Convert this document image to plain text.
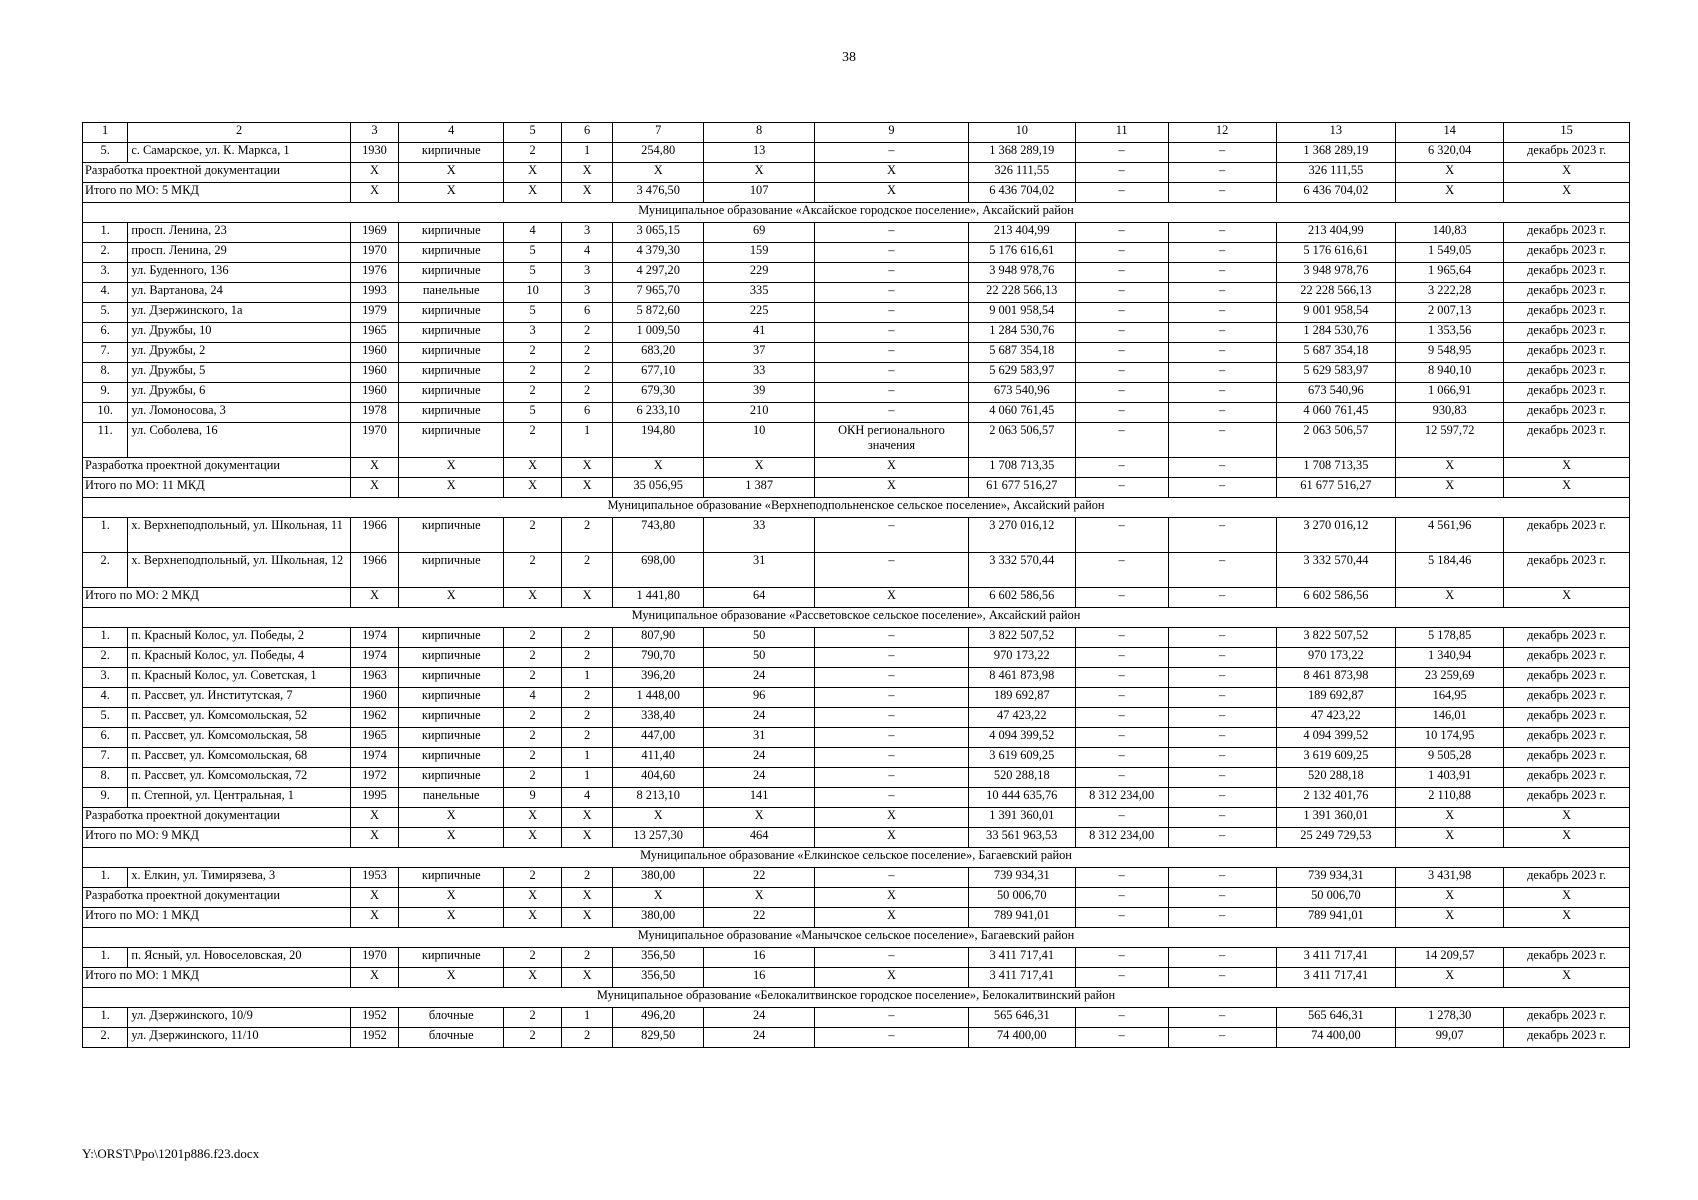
38
1	2	3	4	5	6	7	8	9	10	11	12	13	14	15
5.	с. Самарское, ул. К. Маркса, 1	1930	кирпичные	2	1	254,80	13	–	1 368 289,19	–	–	1 368 289,19	6 320,04	декабрь 2023 г.
Разработка проектной документации		X	X	X	X	X	X	X	326 111,55	–	–	326 111,55	X	X
Итого по МО: 5 МКД		X	X	X	X	3 476,50	107	X	6 436 704,02	–	–	6 436 704,02	X	X
Муниципальное образование «Аксайское городское поселение», Аксайский район														
1.	просп. Ленина, 23	1969	кирпичные	4	3	3 065,15	69	–	213 404,99	–	–	213 404,99	140,83	декабрь 2023 г.
2.	просп. Ленина, 29	1970	кирпичные	5	4	4 379,30	159	–	5 176 616,61	–	–	5 176 616,61	1 549,05	декабрь 2023 г.
3.	ул. Буденного, 136	1976	кирпичные	5	3	4 297,20	229	–	3 948 978,76	–	–	3 948 978,76	1 965,64	декабрь 2023 г.
4.	ул. Вартанова, 24	1993	панельные	10	3	7 965,70	335	–	22 228 566,13	–	–	22 228 566,13	3 222,28	декабрь 2023 г.
5.	ул. Дзержинского, 1а	1979	кирпичные	5	6	5 872,60	225	–	9 001 958,54	–	–	9 001 958,54	2 007,13	декабрь 2023 г.
6.	ул. Дружбы, 10	1965	кирпичные	3	2	1 009,50	41	–	1 284 530,76	–	–	1 284 530,76	1 353,56	декабрь 2023 г.
7.	ул. Дружбы, 2	1960	кирпичные	2	2	683,20	37	–	5 687 354,18	–	–	5 687 354,18	9 548,95	декабрь 2023 г.
8.	ул. Дружбы, 5	1960	кирпичные	2	2	677,10	33	–	5 629 583,97	–	–	5 629 583,97	8 940,10	декабрь 2023 г.
9.	ул. Дружбы, 6	1960	кирпичные	2	2	679,30	39	–	673 540,96	–	–	673 540,96	1 066,91	декабрь 2023 г.
10.	ул. Ломоносова, 3	1978	кирпичные	5	6	6 233,10	210	–	4 060 761,45	–	–	4 060 761,45	930,83	декабрь 2023 г.
11.	ул. Соболева, 16	1970	кирпичные	2	1	194,80	10	ОКН регионального значения	2 063 506,57	–	–	2 063 506,57	12 597,72	декабрь 2023 г.
Разработка проектной документации		X	X	X	X	X	X	X	1 708 713,35	–	–	1 708 713,35	X	X
Итого по МО: 11 МКД		X	X	X	X	35 056,95	1 387	X	61 677 516,27	–	–	61 677 516,27	X	X
Муниципальное образование «Верхнеподпольненское сельское поселение», Аксайский район														
1.	х. Верхнеподпольный, ул. Школьная, 11	1966	кирпичные	2	2	743,80	33	–	3 270 016,12	–	–	3 270 016,12	4 561,96	декабрь 2023 г.
2.	х. Верхнеподпольный, ул. Школьная, 12	1966	кирпичные	2	2	698,00	31	–	3 332 570,44	–	–	3 332 570,44	5 184,46	декабрь 2023 г.
Итого по МО: 2 МКД		X	X	X	X	1 441,80	64	X	6 602 586,56	–	–	6 602 586,56	X	X
Муниципальное образование «Рассветовское сельское поселение», Аксайский район														
1.	п. Красный Колос, ул. Победы, 2	1974	кирпичные	2	2	807,90	50	–	3 822 507,52	–	–	3 822 507,52	5 178,85	декабрь 2023 г.
2.	п. Красный Колос, ул. Победы, 4	1974	кирпичные	2	2	790,70	50	–	970 173,22	–	–	970 173,22	1 340,94	декабрь 2023 г.
3.	п. Красный Колос, ул. Советская, 1	1963	кирпичные	2	1	396,20	24	–	8 461 873,98	–	–	8 461 873,98	23 259,69	декабрь 2023 г.
4.	п. Рассвет, ул. Институтская, 7	1960	кирпичные	4	2	1 448,00	96	–	189 692,87	–	–	189 692,87	164,95	декабрь 2023 г.
5.	п. Рассвет, ул. Комсомольская, 52	1962	кирпичные	2	2	338,40	24	–	47 423,22	–	–	47 423,22	146,01	декабрь 2023 г.
6.	п. Рассвет, ул. Комсомольская, 58	1965	кирпичные	2	2	447,00	31	–	4 094 399,52	–	–	4 094 399,52	10 174,95	декабрь 2023 г.
7.	п. Рассвет, ул. Комсомольская, 68	1974	кирпичные	2	1	411,40	24	–	3 619 609,25	–	–	3 619 609,25	9 505,28	декабрь 2023 г.
8.	п. Рассвет, ул. Комсомольская, 72	1972	кирпичные	2	1	404,60	24	–	520 288,18	–	–	520 288,18	1 403,91	декабрь 2023 г.
9.	п. Степной, ул. Центральная, 1	1995	панельные	9	4	8 213,10	141	–	10 444 635,76	8 312 234,00	–	2 132 401,76	2 110,88	декабрь 2023 г.
Разработка проектной документации		X	X	X	X	X	X	X	1 391 360,01	–	–	1 391 360,01	X	X
Итого по МО: 9 МКД		X	X	X	X	13 257,30	464	X	33 561 963,53	8 312 234,00	–	25 249 729,53	X	X
Муниципальное образование «Елкинское сельское поселение», Багаевский район														
1.	х. Елкин, ул. Тимирязева, 3	1953	кирпичные	2	2	380,00	22	–	739 934,31	–	–	739 934,31	3 431,98	декабрь 2023 г.
Разработка проектной документации		X	X	X	X	X	X	X	50 006,70	–	–	50 006,70	X	X
Итого по МО: 1 МКД		X	X	X	X	380,00	22	X	789 941,01	–	–	789 941,01	X	X
Муниципальное образование «Манычское сельское поселение», Багаевский район														
1.	п. Ясный, ул. Новоселовская, 20	1970	кирпичные	2	2	356,50	16	–	3 411 717,41	–	–	3 411 717,41	14 209,57	декабрь 2023 г.
Итого по МО: 1 МКД		X	X	X	X	356,50	16	X	3 411 717,41	–	–	3 411 717,41	X	X
Муниципальное образование «Белокалитвинское городское поселение», Белокалитвинский район														
1.	ул. Дзержинского, 10/9	1952	блочные	2	1	496,20	24	–	565 646,31	–	–	565 646,31	1 278,30	декабрь 2023 г.
2.	ул. Дзержинского, 11/10	1952	блочные	2	2	829,50	24	–	74 400,00	–	–	74 400,00	99,07	декабрь 2023 г.
Y:\ORST\Ppo\1201p886.f23.docx
